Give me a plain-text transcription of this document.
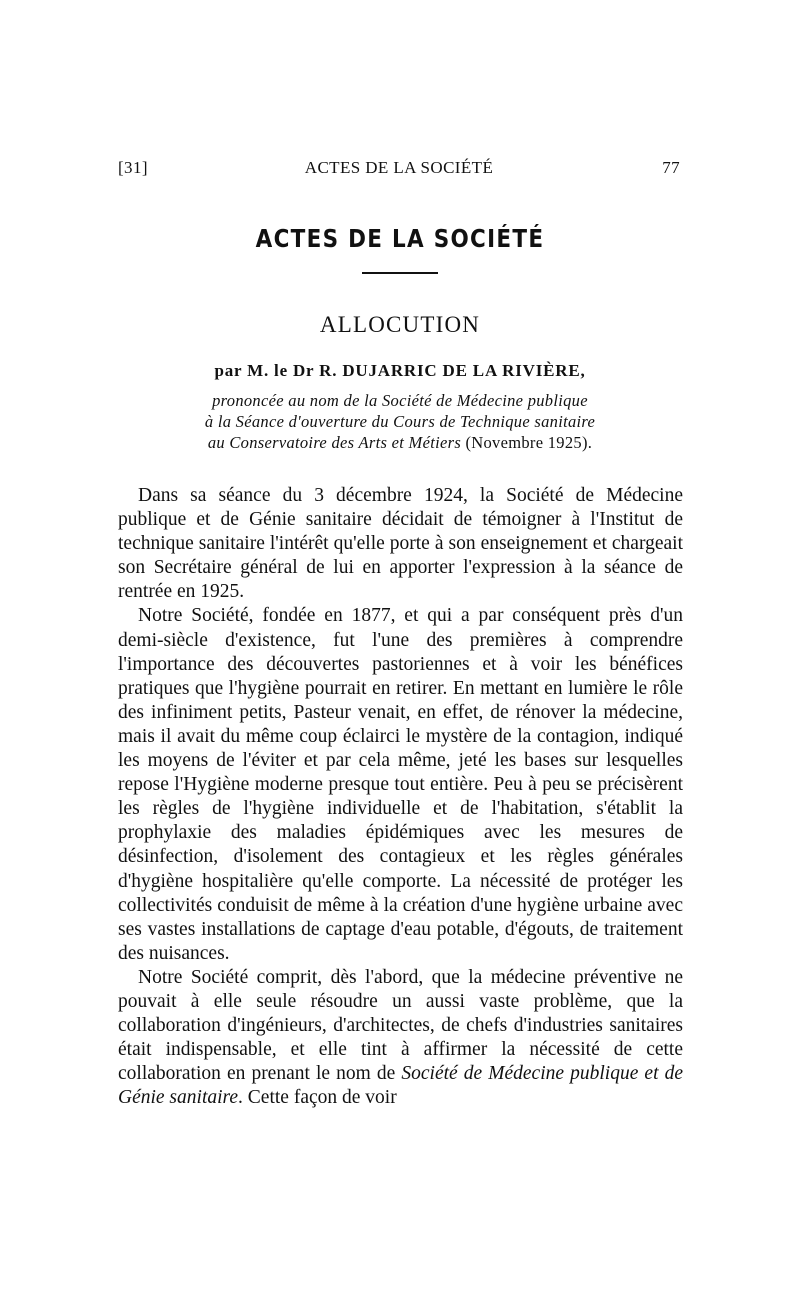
[31]	ACTES DE LA SOCIÉTÉ	77
ACTES DE LA SOCIÉTÉ
ALLOCUTION
par M. le Dr R. DUJARRIC DE LA RIVIÈRE,
prononcée au nom de la Société de Médecine publique
à la Séance d'ouverture du Cours de Technique sanitaire
au Conservatoire des Arts et Métiers (Novembre 1925).

Dans sa séance du 3 décembre 1924, la Société de Médecine publique et de Génie sanitaire décidait de témoigner à l'Institut de technique sanitaire l'intérêt qu'elle porte à son enseignement et chargeait son Secrétaire général de lui en apporter l'expression à la séance de rentrée en 1925.

Notre Société, fondée en 1877, et qui a par conséquent près d'un demi-siècle d'existence, fut l'une des premières à comprendre l'importance des découvertes pastoriennes et à voir les bénéfices pratiques que l'hygiène pourrait en retirer. En mettant en lumière le rôle des infiniment petits, Pasteur venait, en effet, de rénover la médecine, mais il avait du même coup éclairci le mystère de la contagion, indiqué les moyens de l'éviter et par cela même, jeté les bases sur lesquelles repose l'Hygiène moderne presque tout entière. Peu à peu se précisèrent les règles de l'hygiène individuelle et de l'habitation, s'établit la prophylaxie des maladies épidémiques avec les mesures de désinfection, d'isolement des contagieux et les règles générales d'hygiène hospitalière qu'elle comporte. La nécessité de protéger les collectivités conduisit de même à la création d'une hygiène urbaine avec ses vastes installations de captage d'eau potable, d'égouts, de traitement des nuisances.

Notre Société comprit, dès l'abord, que la médecine préventive ne pouvait à elle seule résoudre un aussi vaste problème, que la collaboration d'ingénieurs, d'architectes, de chefs d'industries sanitaires était indispensable, et elle tint à affirmer la nécessité de cette collaboration en prenant le nom de Société de Médecine publique et de Génie sanitaire. Cette façon de voir
